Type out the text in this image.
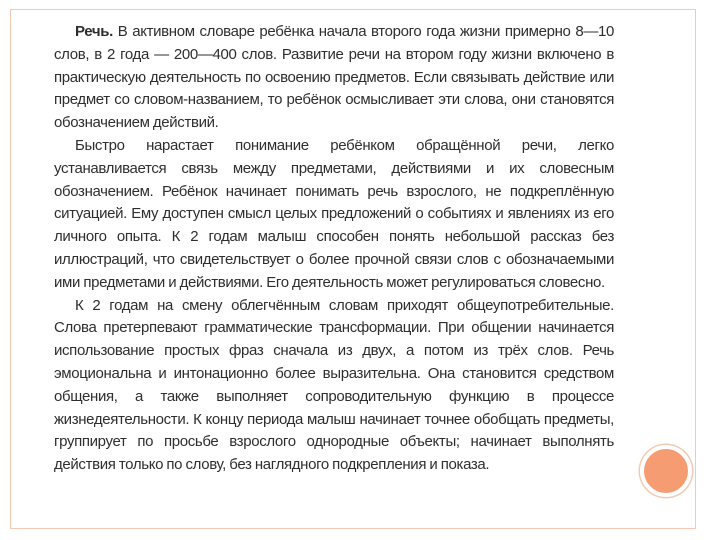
Речь. В активном словаре ребёнка начала второго года жизни примерно 8—10 слов, в 2 года — 200—400 слов. Развитие речи на втором году жизни включено в практическую деятельность по освоению предметов. Если связывать действие или предмет со словом-названием, то ребёнок осмысливает эти слова, они становятся обозначением действий.

Быстро нарастает понимание ребёнком обращённой речи, легко устанавливается связь между предметами, действиями и их словесным обозначением. Ребёнок начинает понимать речь взрослого, не подкреплённую ситуацией. Ему доступен смысл целых предложений о событиях и явлениях из его личного опыта. К 2 годам малыш способен понять небольшой рассказ без иллюстраций, что свидетельствует о более прочной связи слов с обозначаемыми ими предметами и действиями. Его деятельность может регулироваться словесно.

К 2 годам на смену облегчённым словам приходят общеупотребительные. Слова претерпевают грамматические трансформации. При общении начинается использование простых фраз сначала из двух, а потом из трёх слов. Речь эмоциональна и интонационно более выразительна. Она становится средством общения, а также выполняет сопроводительную функцию в процессе жизнедеятельности. К концу периода малыш начинает точнее обобщать предметы, группирует по просьбе взрослого однородные объекты; начинает выполнять действия только по слову, без наглядного подкрепления и показа.
